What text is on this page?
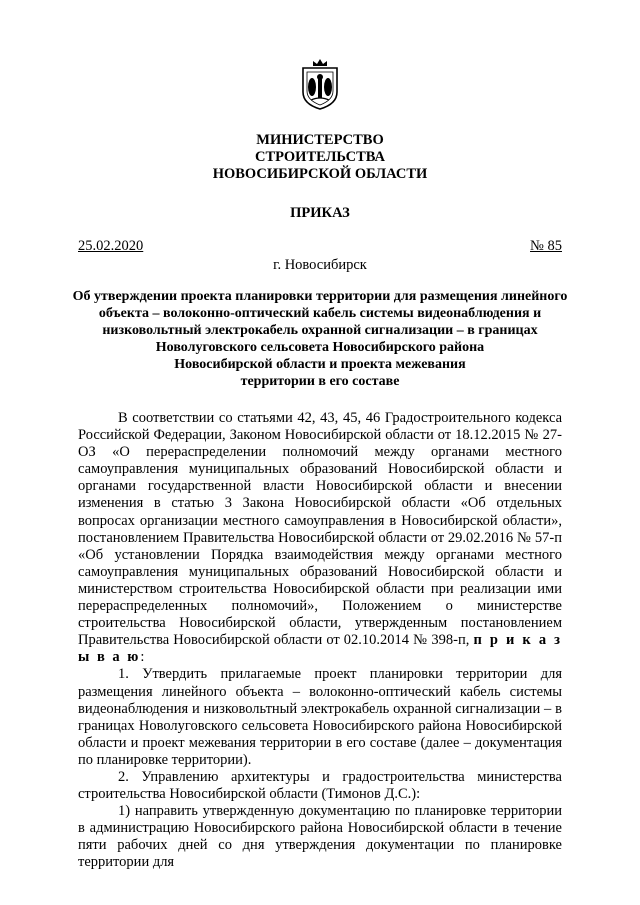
МИНИСТЕРСТВО
СТРОИТЕЛЬСТВА
НОВОСИБИРСКОЙ ОБЛАСТИ
ПРИКАЗ
25.02.2020	№ 85
г. Новосибирск
Об утверждении проекта планировки территории для размещения линейного
объекта – волоконно-оптический кабель системы видеонаблюдения и
низковольтный электрокабель охранной сигнализации – в границах
Новолуговского сельсовета Новосибирского района
Новосибирской области и проекта межевания
территории в его составе

В соответствии со статьями 42, 43, 45, 46 Градостроительного кодекса Российской Федерации, Законом Новосибирской области от 18.12.2015 № 27-ОЗ «О перераспределении полномочий между органами местного самоуправления муниципальных образований Новосибирской области и органами государственной власти Новосибирской области и внесении изменения в статью 3 Закона Новосибирской области «Об отдельных вопросах организации местного самоуправления в Новосибирской области», постановлением Правительства Новосибирской области от 29.02.2016 № 57-п «Об установлении Порядка взаимодействия между органами местного самоуправления муниципальных образований Новосибирской области и министерством строительства Новосибирской области при реализации ими перераспределенных полномочий», Положением о министерстве строительства Новосибирской области, утвержденным постановлением Правительства Новосибирской области от 02.10.2014 № 398-п, п р и к а з ы в а ю:

1. Утвердить прилагаемые проект планировки территории для размещения линейного объекта – волоконно-оптический кабель системы видеонаблюдения и низковольтный электрокабель охранной сигнализации – в границах Новолуговского сельсовета Новосибирского района Новосибирской области и проект межевания территории в его составе (далее – документация по планировке территории).

2. Управлению архитектуры и градостроительства министерства строительства Новосибирской области (Тимонов Д.С.):

1) направить утвержденную документацию по планировке территории в администрацию Новосибирского района Новосибирской области в течение пяти рабочих дней со дня утверждения документации по планировке территории для
